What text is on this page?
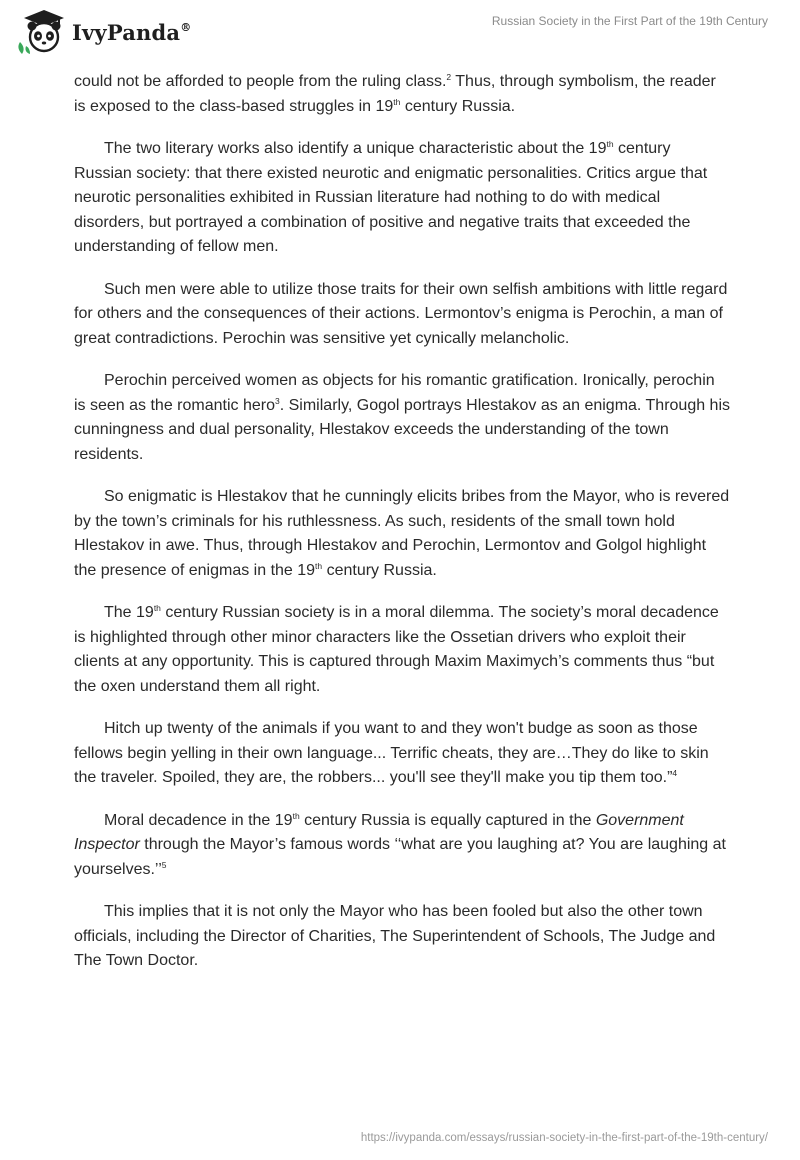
IvyPanda®	Russian Society in the First Part of the 19th Century

could not be afforded to people from the ruling class.$^2$ Thus, through symbolism, the reader is exposed to the class-based struggles in 19th century Russia.

The two literary works also identify a unique characteristic about the 19th century Russian society: that there existed neurotic and enigmatic personalities. Critics argue that neurotic personalities exhibited in Russian literature had nothing to do with medical disorders, but portrayed a combination of positive and negative traits that exceeded the understanding of fellow men.

Such men were able to utilize those traits for their own selfish ambitions with little regard for others and the consequences of their actions. Lermontov’s enigma is Perochin, a man of great contradictions. Perochin was sensitive yet cynically melancholic.

Perochin perceived women as objects for his romantic gratification. Ironically, perochin is seen as the romantic hero$^3$. Similarly, Gogol portrays Hlestakov as an enigma. Through his cunningness and dual personality, Hlestakov exceeds the understanding of the town residents.

So enigmatic is Hlestakov that he cunningly elicits bribes from the Mayor, who is revered by the town’s criminals for his ruthlessness. As such, residents of the small town hold Hlestakov in awe. Thus, through Hlestakov and Perochin, Lermontov and Golgol highlight the presence of enigmas in the 19th century Russia.

The 19th century Russian society is in a moral dilemma. The society’s moral decadence is highlighted through other minor characters like the Ossetian drivers who exploit their clients at any opportunity. This is captured through Maxim Maximych’s comments thus “but the oxen understand them all right.

Hitch up twenty of the animals if you want to and they won't budge as soon as those fellows begin yelling in their own language... Terrific cheats, they are…They do like to skin the traveler. Spoiled, they are, the robbers... you'll see they'll make you tip them too.”$^4$

Moral decadence in the 19th century Russia is equally captured in the Government Inspector through the Mayor’s famous words ‘‘what are you laughing at? You are laughing at yourselves.’’$^5$

This implies that it is not only the Mayor who has been fooled but also the other town officials, including the Director of Charities, The Superintendent of Schools, The Judge and The Town Doctor.

https://ivypanda.com/essays/russian-society-in-the-first-part-of-the-19th-century/
